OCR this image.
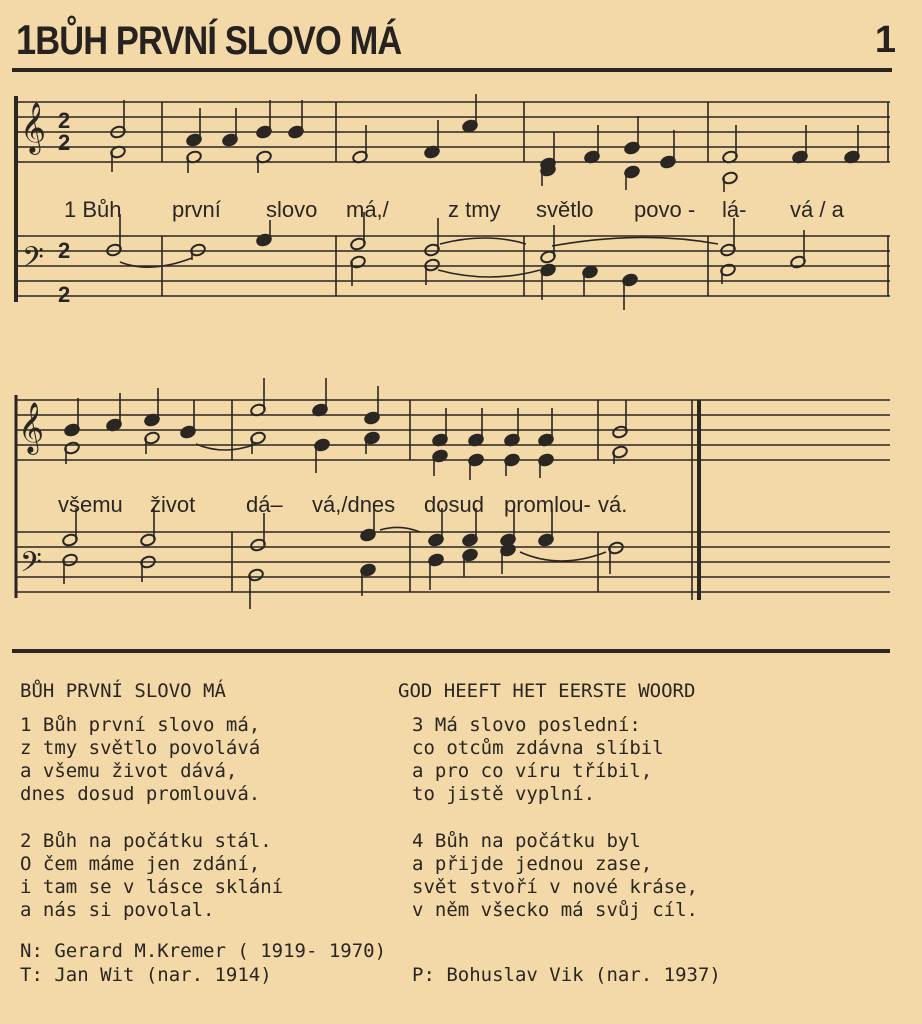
1BŮH PRVNÍ SLOVO MÁ	1
𝄞
𝄢
𝄞
𝄢
2
2
2
2
1 Bůh první slovo má,/	z tmy světlo povo - lá- vá / a
všemu život dá– vá,/dnes dosud promlou- vá.
BŮH PRVNÍ SLOVO MÁ	GOD HEEFT HET EERSTE WOORD
1 Bůh první slovo má,
z tmy světlo povolává
a všemu život dává,
dnes dosud promlouvá.
3 Má slovo poslední:
co otcům zdávna slíbil
a pro co víru tříbil,
to jistě vyplní.
2 Bůh na počátku stál.
O čem máme jen zdání,
i tam se v lásce sklání
a nás si povolal.
4 Bůh na počátku byl
a přijde jednou zase,
svět stvoří v nové kráse,
v něm všecko má svůj cíl.
N: Gerard M.Kremer ( 1919- 1970)
T: Jan Wit (nar. 1914)	P: Bohuslav Vik (nar. 1937)
